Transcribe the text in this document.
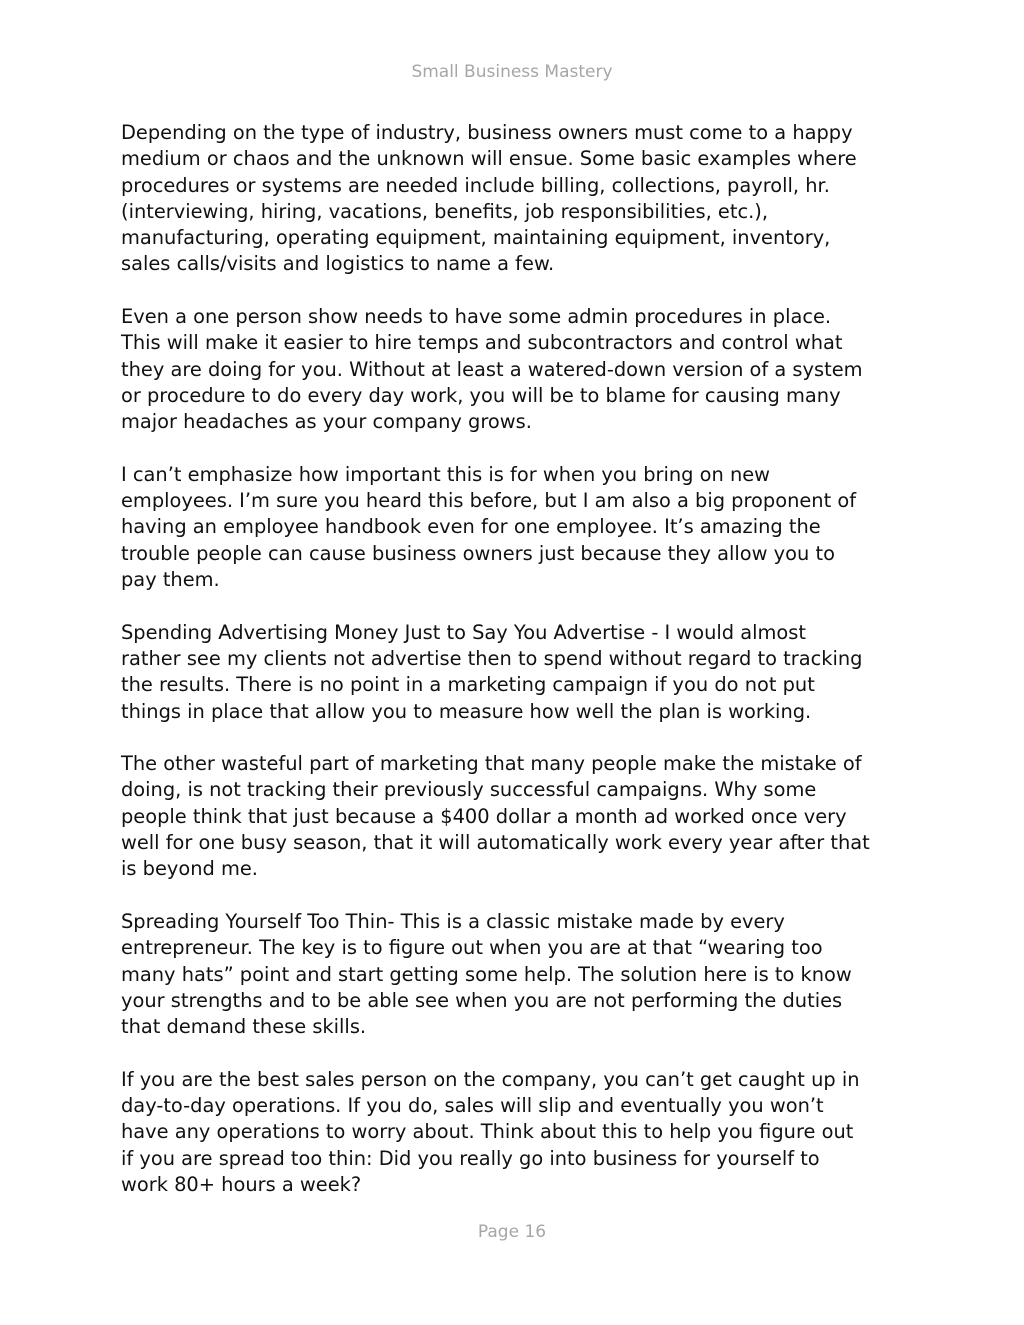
Small Business Mastery

Depending on the type of industry, business owners must come to a happy
medium or chaos and the unknown will ensue. Some basic examples where
procedures or systems are needed include billing, collections, payroll, hr.
(interviewing, hiring, vacations, benefits, job responsibilities, etc.),
manufacturing, operating equipment, maintaining equipment, inventory,
sales calls/visits and logistics to name a few.

Even a one person show needs to have some admin procedures in place.
This will make it easier to hire temps and subcontractors and control what
they are doing for you. Without at least a watered-down version of a system
or procedure to do every day work, you will be to blame for causing many
major headaches as your company grows.

I can’t emphasize how important this is for when you bring on new
employees. I’m sure you heard this before, but I am also a big proponent of
having an employee handbook even for one employee. It’s amazing the
trouble people can cause business owners just because they allow you to
pay them.

Spending Advertising Money Just to Say You Advertise - I would almost
rather see my clients not advertise then to spend without regard to tracking
the results. There is no point in a marketing campaign if you do not put
things in place that allow you to measure how well the plan is working.

The other wasteful part of marketing that many people make the mistake of
doing, is not tracking their previously successful campaigns. Why some
people think that just because a $400 dollar a month ad worked once very
well for one busy season, that it will automatically work every year after that
is beyond me.

Spreading Yourself Too Thin- This is a classic mistake made by every
entrepreneur. The key is to figure out when you are at that “wearing too
many hats” point and start getting some help. The solution here is to know
your strengths and to be able see when you are not performing the duties
that demand these skills.

If you are the best sales person on the company, you can’t get caught up in
day-to-day operations. If you do, sales will slip and eventually you won’t
have any operations to worry about. Think about this to help you figure out
if you are spread too thin: Did you really go into business for yourself to
work 80+ hours a week?

Page 16
